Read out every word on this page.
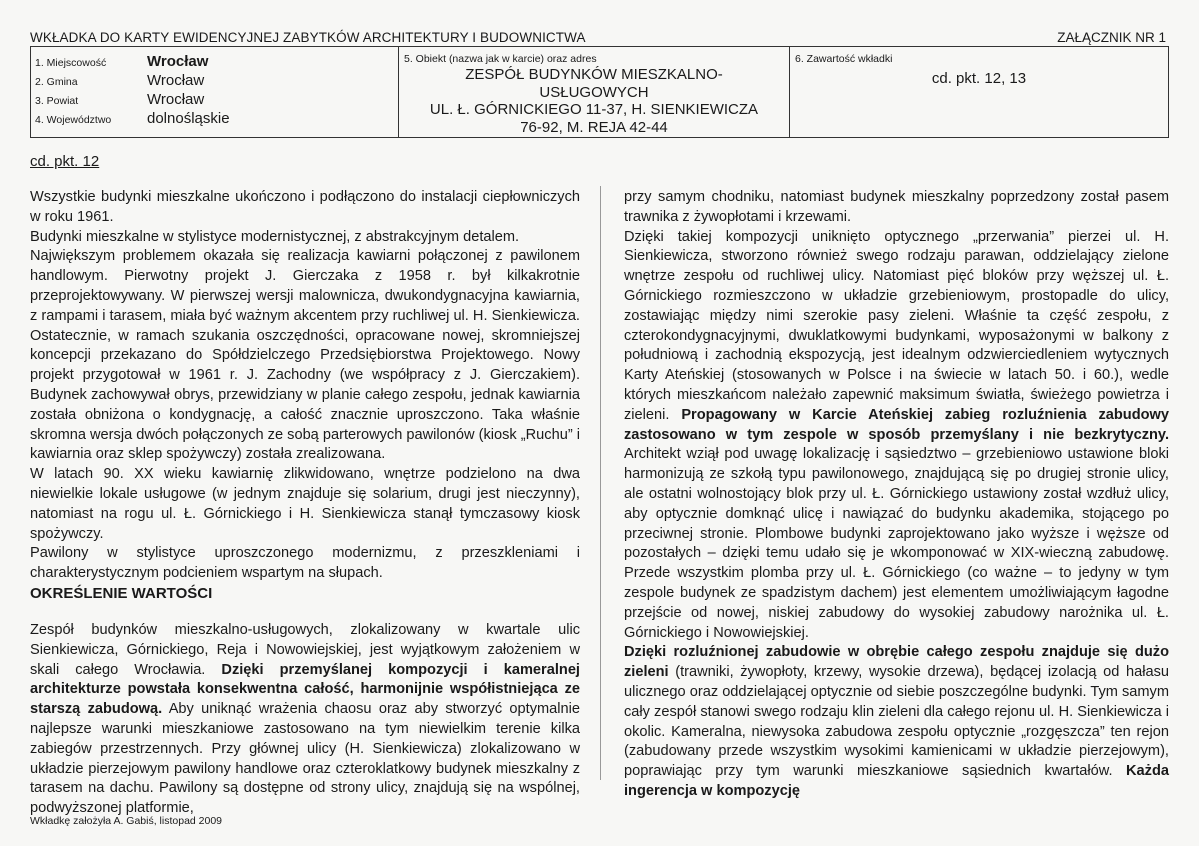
WKŁADKA DO KARTY EWIDENCYJNEJ ZABYTKÓW ARCHITEKTURY I BUDOWNICTWA	ZAŁĄCZNIK NR 1
1. Miejscowość	Wrocław
2. Gmina	Wrocław
3. Powiat	Wrocław
4. Województwo	dolnośląskie
5. Obiekt (nazwa jak w karcie) oraz adres
ZESPÓŁ BUDYNKÓW MIESZKALNO-
USŁUGOWYCH
UL. Ł. GÓRNICKIEGO 11-37, H. SIENKIEWICZA
76-92, M. REJA 42-44
6. Zawartość wkładki
cd. pkt. 12, 13
cd. pkt. 12

Wszystkie budynki mieszkalne ukończono i podłączono do instalacji ciepłowniczych w roku 1961.

Budynki mieszkalne w stylistyce modernistycznej, z abstrakcyjnym detalem.

Największym problemem okazała się realizacja kawiarni połączonej z pawilonem handlowym. Pierwotny projekt J. Gierczaka z 1958 r. był kilkakrotnie przeprojektowywany. W pierwszej wersji malownicza, dwukondygnacyjna kawiarnia, z rampami i tarasem, miała być ważnym akcentem przy ruchliwej ul. H. Sienkiewicza. Ostatecznie, w ramach szukania oszczędności, opracowane nowej, skromniejszej koncepcji przekazano do Spółdzielczego Przedsiębiorstwa Projektowego. Nowy projekt przygotował w 1961 r. J. Zachodny (we współpracy z J. Gierczakiem). Budynek zachowywał obrys, przewidziany w planie całego zespołu, jednak kawiarnia została obniżona o kondygnację, a całość znacznie uproszczono. Taka właśnie skromna wersja dwóch połączonych ze sobą parterowych pawilonów (kiosk „Ruchu” i kawiarnia oraz sklep spożywczy) została zrealizowana.

W latach 90. XX wieku kawiarnię zlikwidowano, wnętrze podzielono na dwa niewielkie lokale usługowe (w jednym znajduje się solarium, drugi jest nieczynny), natomiast na rogu ul. Ł. Górnickiego i H. Sienkiewicza stanął tymczasowy kiosk spożywczy.

Pawilony w stylistyce uproszczonego modernizmu, z przeszkleniami i charakterystycznym podcieniem wspartym na słupach.

OKREŚLENIE WARTOŚCI

Zespół budynków mieszkalno-usługowych, zlokalizowany w kwartale ulic Sienkiewicza, Górnickiego, Reja i Nowowiejskiej, jest wyjątkowym założeniem w skali całego Wrocławia. Dzięki przemyślanej kompozycji i kameralnej architekturze powstała konsekwentna całość, harmonijnie współistniejąca ze starszą zabudową. Aby uniknąć wrażenia chaosu oraz aby stworzyć optymalnie najlepsze warunki mieszkaniowe zastosowano na tym niewielkim terenie kilka zabiegów przestrzennych. Przy głównej ulicy (H. Sienkiewicza) zlokalizowano w układzie pierzejowym pawilony handlowe oraz czteroklatkowy budynek mieszkalny z tarasem na dachu. Pawilony są dostępne od strony ulicy, znajdują się na wspólnej, podwyższonej platformie,

przy samym chodniku, natomiast budynek mieszkalny poprzedzony został pasem trawnika z żywopłotami i krzewami.

Dzięki takiej kompozycji uniknięto optycznego „przerwania” pierzei ul. H. Sienkiewicza, stworzono również swego rodzaju parawan, oddzielający zielone wnętrze zespołu od ruchliwej ulicy. Natomiast pięć bloków przy węższej ul. Ł. Górnickiego rozmieszczono w układzie grzebieniowym, prostopadle do ulicy, zostawiając między nimi szerokie pasy zieleni. Właśnie ta część zespołu, z czterokondygnacyjnymi, dwuklatkowymi budynkami, wyposażonymi w balkony z południową i zachodnią ekspozycją, jest idealnym odzwierciedleniem wytycznych Karty Ateńskiej (stosowanych w Polsce i na świecie w latach 50. i 60.), wedle których mieszkańcom należało zapewnić maksimum światła, świeżego powietrza i zieleni. Propagowany w Karcie Ateńskiej zabieg rozluźnienia zabudowy zastosowano w tym zespole w sposób przemyślany i nie bezkrytyczny. Architekt wziął pod uwagę lokalizację i sąsiedztwo – grzebieniowo ustawione bloki harmonizują ze szkołą typu pawilonowego, znajdującą się po drugiej stronie ulicy, ale ostatni wolnostojący blok przy ul. Ł. Górnickiego ustawiony został wzdłuż ulicy, aby optycznie domknąć ulicę i nawiązać do budynku akademika, stojącego po przeciwnej stronie. Plombowe budynki zaprojektowano jako wyższe i węższe od pozostałych – dzięki temu udało się je wkomponować w XIX-wieczną zabudowę. Przede wszystkim plomba przy ul. Ł. Górnickiego (co ważne – to jedyny w tym zespole budynek ze spadzistym dachem) jest elementem umożliwiającym łagodne przejście od nowej, niskiej zabudowy do wysokiej zabudowy narożnika ul. Ł. Górnickiego i Nowowiejskiej.

Dzięki rozluźnionej zabudowie w obrębie całego zespołu znajduje się dużo zieleni (trawniki, żywopłoty, krzewy, wysokie drzewa), będącej izolacją od hałasu ulicznego oraz oddzielającej optycznie od siebie poszczególne budynki. Tym samym cały zespół stanowi swego rodzaju klin zieleni dla całego rejonu ul. H. Sienkiewicza i okolic. Kameralna, niewysoka zabudowa zespołu optycznie „rozgęszcza” ten rejon (zabudowany przede wszystkim wysokimi kamienicami w układzie pierzejowym), poprawiając przy tym warunki mieszkaniowe sąsiednich kwartałów. Każda ingerencja w kompozycję

Wkładkę założyła A. Gabiś, listopad 2009
